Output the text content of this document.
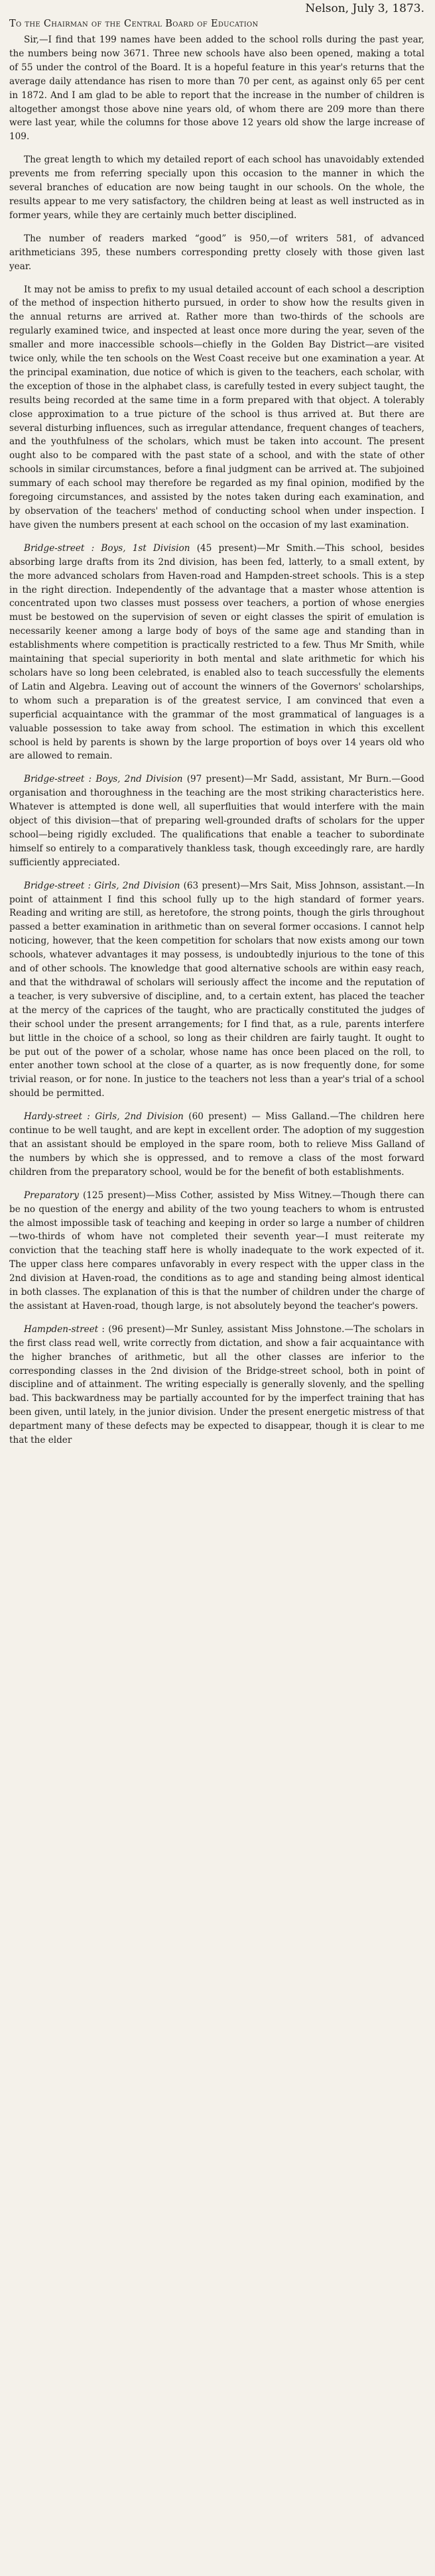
Nelson, July 3, 1873.
To the Chairman of the Central Board of Education

Sir,—I find that 199 names have been added to the school rolls during the past year, the numbers being now 3671. Three new schools have also been opened, making a total of 55 under the control of the Board. It is a hopeful feature in this year's returns that the average daily attendance has risen to more than 70 per cent, as against only 65 per cent in 1872. And I am glad to be able to report that the increase in the number of children is altogether amongst those above nine years old, of whom there are 209 more than there were last year, while the columns for those above 12 years old show the large increase of 109.

The great length to which my detailed report of each school has unavoidably extended prevents me from referring specially upon this occasion to the manner in which the several branches of education are now being taught in our schools. On the whole, the results appear to me very satisfactory, the children being at least as well instructed as in former years, while they are certainly much better disciplined.

The number of readers marked “good” is 950,—of writers 581, of advanced arithmeticians 395, these numbers corresponding pretty closely with those given last year.

It may not be amiss to prefix to my usual detailed account of each school a description of the method of inspection hitherto pursued, in order to show how the results given in the annual returns are arrived at. Rather more than two-thirds of the schools are regularly examined twice, and inspected at least once more during the year, seven of the smaller and more inaccessible schools—chiefly in the Golden Bay District—are visited twice only, while the ten schools on the West Coast receive but one examination a year. At the principal examination, due notice of which is given to the teachers, each scholar, with the exception of those in the alphabet class, is carefully tested in every subject taught, the results being recorded at the same time in a form prepared with that object. A tolerably close approximation to a true picture of the school is thus arrived at. But there are several disturbing influences, such as irregular attendance, frequent changes of teachers, and the youthfulness of the scholars, which must be taken into account. The present ought also to be compared with the past state of a school, and with the state of other schools in similar circumstances, before a final judgment can be arrived at. The subjoined summary of each school may therefore be regarded as my final opinion, modified by the foregoing circumstances, and assisted by the notes taken during each examination, and by observation of the teachers' method of conducting school when under inspection. I have given the numbers present at each school on the occasion of my last examination.

Bridge-street : Boys, 1st Division (45 present)—Mr Smith.—This school, besides absorbing large drafts from its 2nd division, has been fed, latterly, to a small extent, by the more advanced scholars from Haven-road and Hampden-street schools. This is a step in the right direction. Independently of the advantage that a master whose attention is concentrated upon two classes must possess over teachers, a portion of whose energies must be bestowed on the supervision of seven or eight classes the spirit of emulation is necessarily keener among a large body of boys of the same age and standing than in establishments where competition is practically restricted to a few. Thus Mr Smith, while maintaining that special superiority in both mental and slate arithmetic for which his scholars have so long been celebrated, is enabled also to teach successfully the elements of Latin and Algebra. Leaving out of account the winners of the Governors' scholarships, to whom such a preparation is of the greatest service, I am convinced that even a superficial acquaintance with the grammar of the most grammatical of languages is a valuable possession to take away from school. The estimation in which this excellent school is held by parents is shown by the large proportion of boys over 14 years old who are allowed to remain.

Bridge-street : Boys, 2nd Division (97 present)—Mr Sadd, assistant, Mr Burn.—Good organisation and thoroughness in the teaching are the most striking characteristics here. Whatever is attempted is done well, all superfluities that would interfere with the main object of this division—that of preparing well-grounded drafts of scholars for the upper school—being rigidly excluded. The qualifications that enable a teacher to subordinate himself so entirely to a comparatively thankless task, though exceedingly rare, are hardly sufficiently appreciated.

Bridge-street : Girls, 2nd Division (63 present)—Mrs Sait, Miss Johnson, assistant.—In point of attainment I find this school fully up to the high standard of former years. Reading and writing are still, as heretofore, the strong points, though the girls throughout passed a better examination in arithmetic than on several former occasions. I cannot help noticing, however, that the keen competition for scholars that now exists among our town schools, whatever advantages it may possess, is undoubtedly injurious to the tone of this and of other schools. The knowledge that good alternative schools are within easy reach, and that the withdrawal of scholars will seriously affect the income and the reputation of a teacher, is very subversive of discipline, and, to a certain extent, has placed the teacher at the mercy of the caprices of the taught, who are practically constituted the judges of their school under the present arrangements; for I find that, as a rule, parents interfere but little in the choice of a school, so long as their children are fairly taught. It ought to be put out of the power of a scholar, whose name has once been placed on the roll, to enter another town school at the close of a quarter, as is now frequently done, for some trivial reason, or for none. In justice to the teachers not less than a year's trial of a school should be permitted.

Hardy-street : Girls, 2nd Division (60 present) — Miss Galland.—The children here continue to be well taught, and are kept in excellent order. The adoption of my suggestion that an assistant should be employed in the spare room, both to relieve Miss Galland of the numbers by which she is oppressed, and to remove a class of the most forward children from the preparatory school, would be for the benefit of both establishments.

Preparatory (125 present)—Miss Cother, assisted by Miss Witney.—Though there can be no question of the energy and ability of the two young teachers to whom is entrusted the almost impossible task of teaching and keeping in order so large a number of children—two-thirds of whom have not completed their seventh year—I must reiterate my conviction that the teaching staff here is wholly inadequate to the work expected of it. The upper class here compares unfavorably in every respect with the upper class in the 2nd division at Haven-road, the conditions as to age and standing being almost identical in both classes. The explanation of this is that the number of children under the charge of the assistant at Haven-road, though large, is not absolutely beyond the teacher's powers.

Hampden-street : (96 present)—Mr Sunley, assistant Miss Johnstone.—The scholars in the first class read well, write correctly from dictation, and show a fair acquaintance with the higher branches of arithmetic, but all the other classes are inferior to the corresponding classes in the 2nd division of the Bridge-street school, both in point of discipline and of attainment. The writing especially is generally slovenly, and the spelling bad. This backwardness may be partially accounted for by the imperfect training that has been given, until lately, in the junior division. Under the present energetic mistress of that department many of these defects may be expected to disappear, though it is clear to me that the elder
